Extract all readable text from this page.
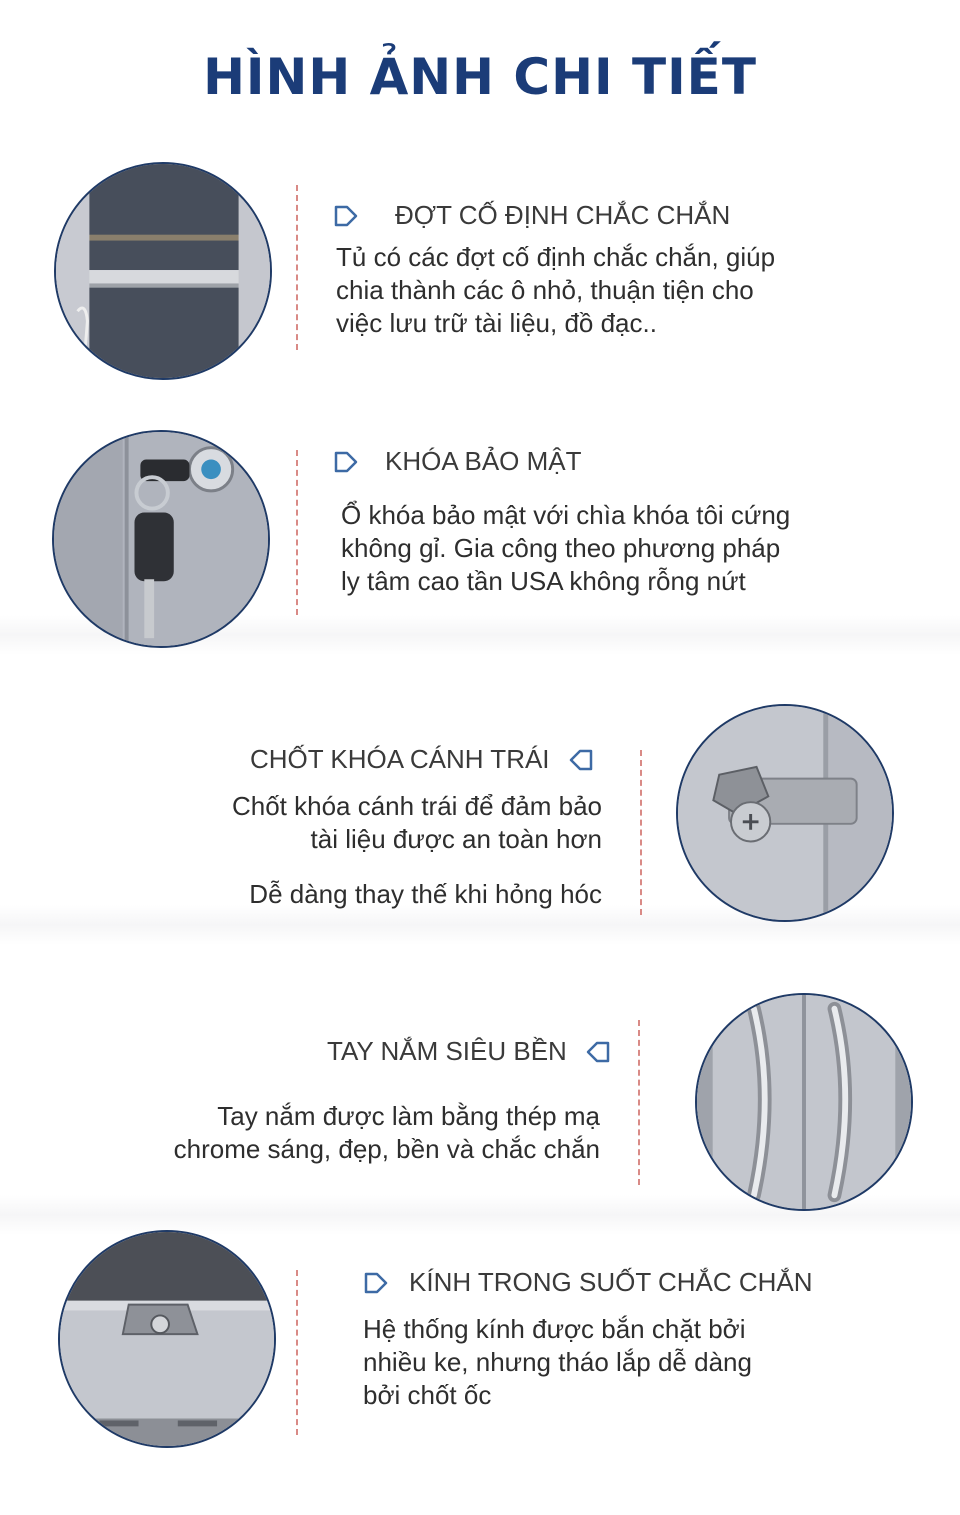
HÌNH ẢNH CHI TIẾT
ĐỢT CỐ ĐỊNH CHẮC CHẮN

Tủ có các đợt cố định chắc chắn, giúp

chia thành các ô nhỏ, thuận tiện cho

việc lưu trữ tài liệu, đồ đạc..

KHÓA BẢO MẬT

Ổ khóa bảo mật với chìa khóa tôi cứng

không gỉ. Gia công theo phương pháp

ly tâm cao tần USA không rỗng nứt

CHỐT KHÓA CÁNH TRÁI

Chốt khóa cánh trái để đảm bảo

tài liệu được an toàn hơn

Dễ dàng thay thế khi hỏng hóc

TAY NẮM SIÊU BỀN

Tay nắm được làm bằng thép mạ

chrome sáng, đẹp, bền và chắc chắn

KÍNH TRONG SUỐT CHẮC CHẮN

Hệ thống kính được bắn chặt bởi

nhiều ke, nhưng tháo lắp dễ dàng

bởi chốt ốc
